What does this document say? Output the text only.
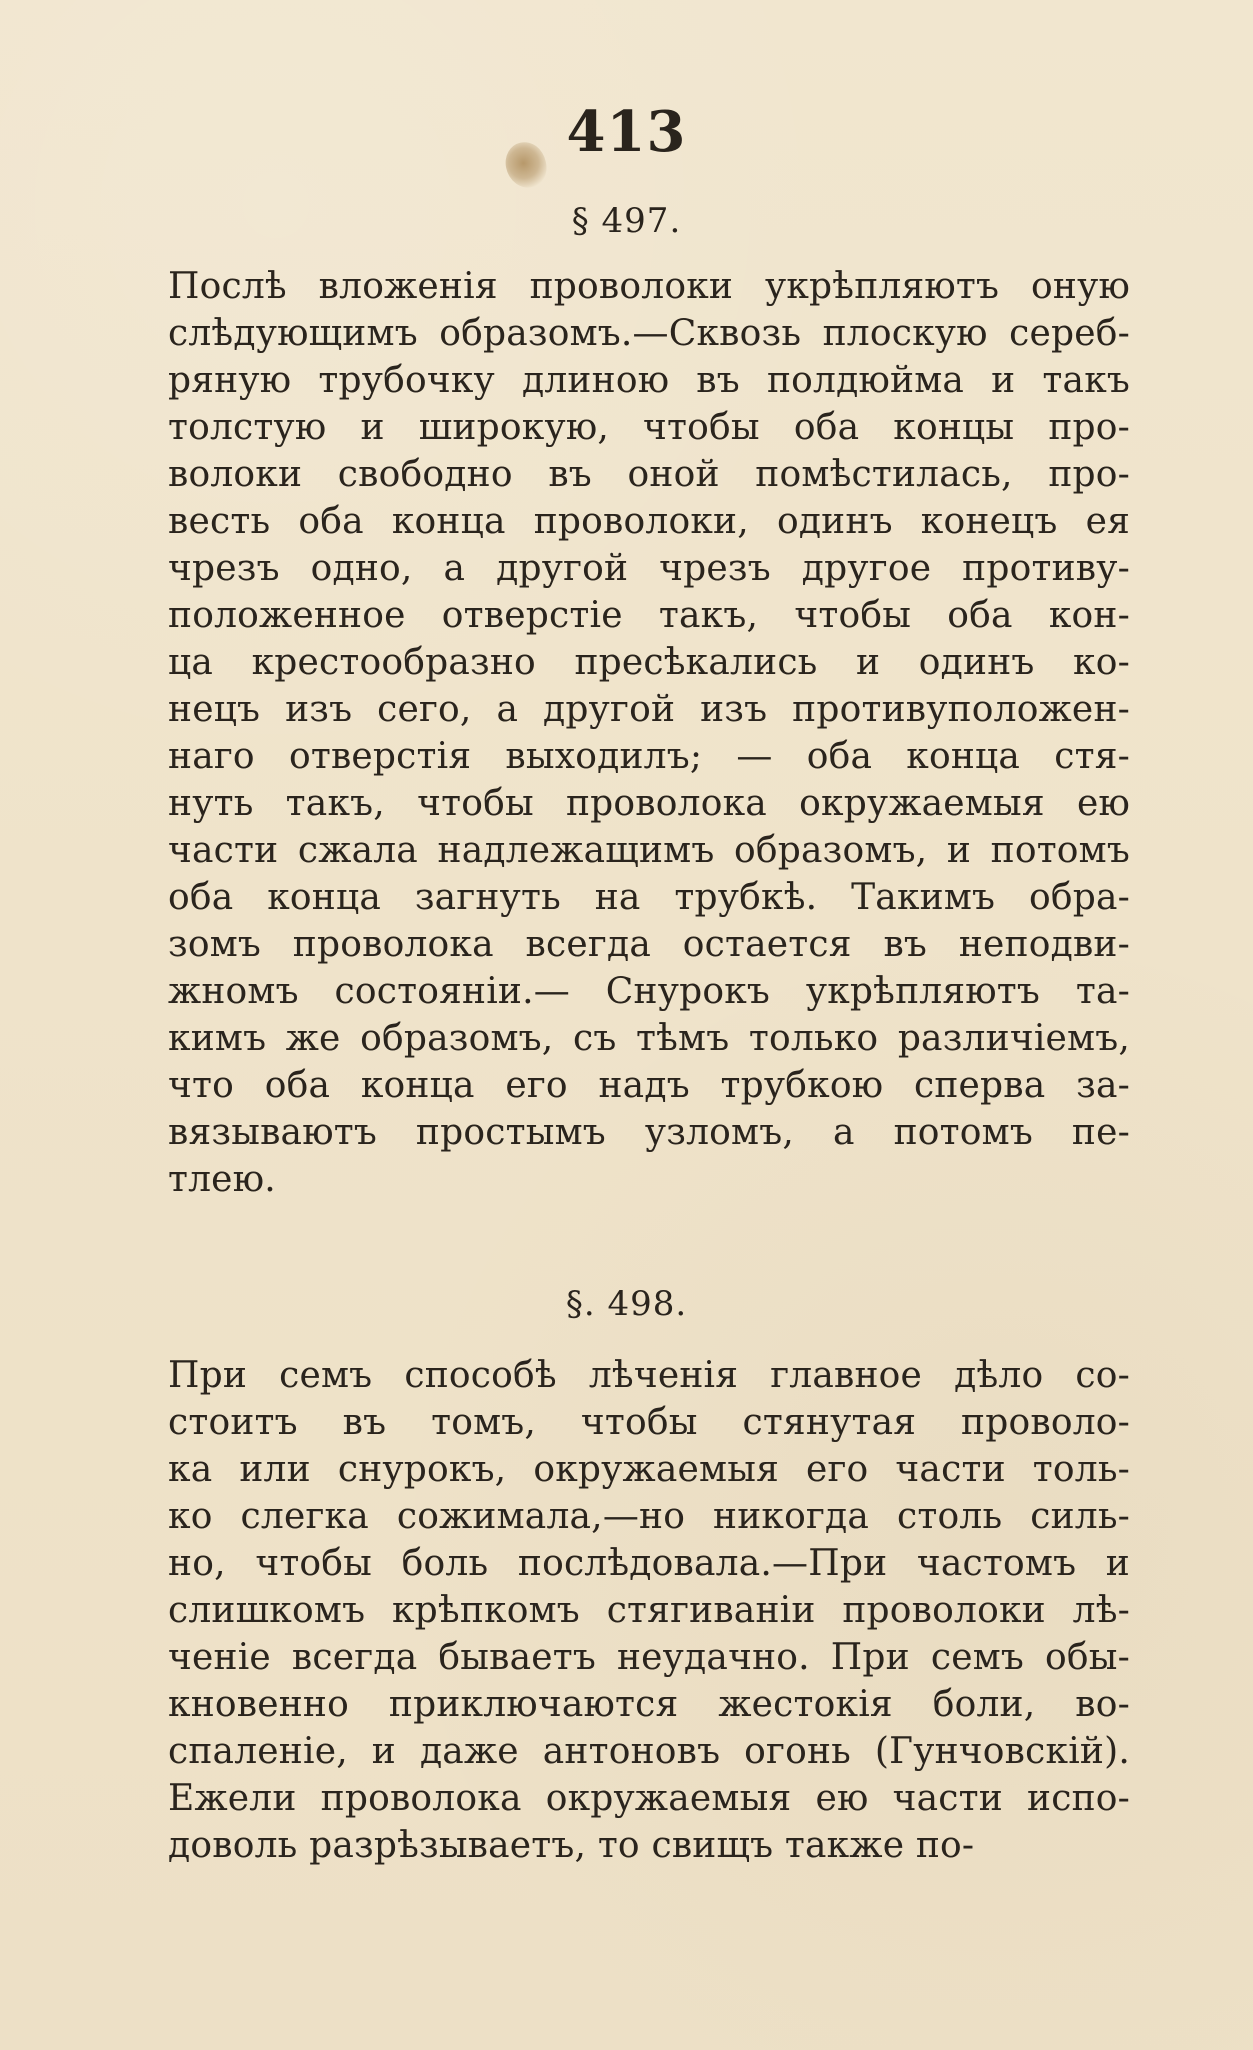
413
§ 497.
Послѣ вложенія проволоки укрѣпляютъ оную
слѣдующимъ образомъ.—Сквозь плоскую сереб-
ряную трубочку длиною въ полдюйма и такъ
толстую и широкую, чтобы оба концы про-
волоки свободно въ оной помѣстилась, про-
весть оба конца проволоки, одинъ конецъ ея
чрезъ одно, а другой чрезъ другое противу-
положенное отверстіе такъ, чтобы оба кон-
ца крестообразно пресѣкались и одинъ ко-
нецъ изъ сего, а другой изъ противуположен-
наго отверстія выходилъ; — оба конца стя-
нуть такъ, чтобы проволока окружаемыя ею
части сжала надлежащимъ образомъ, и потомъ
оба конца загнуть на трубкѣ. Такимъ обра-
зомъ проволока всегда остается въ неподви-
жномъ состояніи.— Снурокъ укрѣпляютъ та-
кимъ же образомъ, съ тѣмъ только различіемъ,
что оба конца его надъ трубкою сперва за-
вязываютъ простымъ узломъ, а потомъ пе-
тлею.
§. 498.
При семъ способѣ лѣченія главное дѣло со-
стоитъ въ томъ, чтобы стянутая проволо-
ка или снурокъ, окружаемыя его части толь-
ко слегка сожимала,—но никогда столь силь-
но, чтобы боль послѣдовала.—При частомъ и
слишкомъ крѣпкомъ стягиваніи проволоки лѣ-
ченіе всегда бываетъ неудачно. При семъ обы-
кновенно приключаются жестокія боли, во-
спаленіе, и даже антоновъ огонь (Гунчовскій).
Ежели проволока окружаемыя ею части испо-
доволь разрѣзываетъ, то свищъ также по-
